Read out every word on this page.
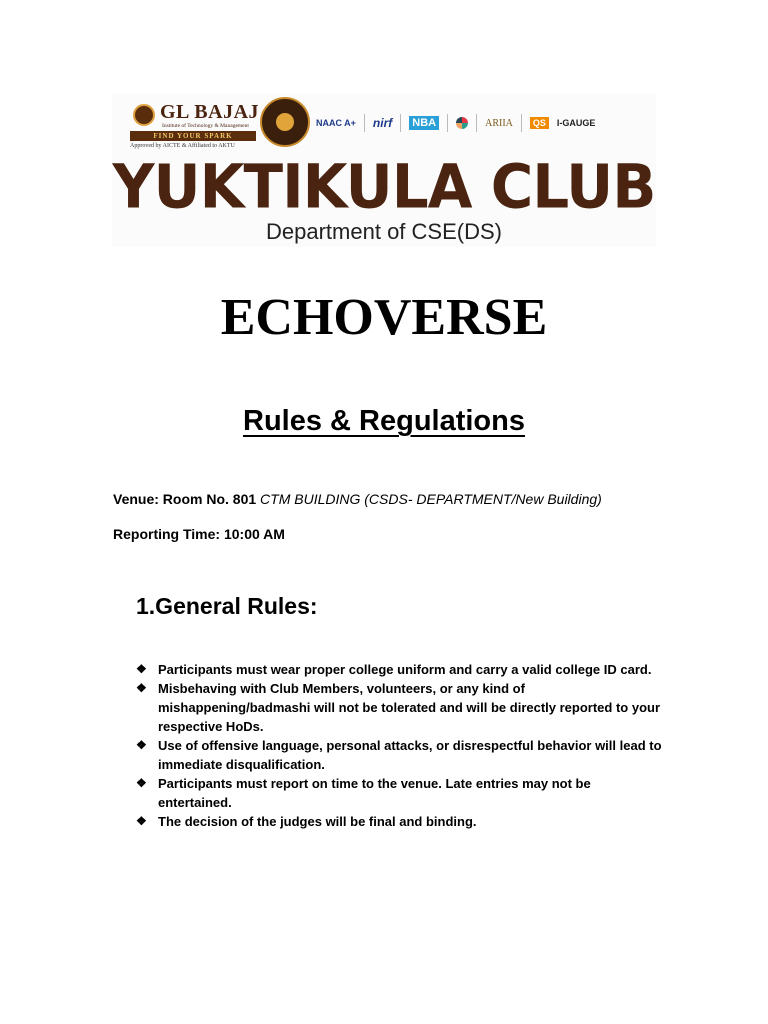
GL BAJAJ
Institute of Technology & Management
FIND YOUR SPARK
Approved by AICTE & Affiliated to AKTU
NAAC A+ nirf NBA	ARIIA	QS	I-GAUGE
YUKTIKULA CLUB
Department of CSE(DS)
ECHOVERSE
Rules & Regulations
Venue: Room No. 801 CTM BUILDING (CSDS- DEPARTMENT/New Building)
Reporting Time: 10:00 AM
1.General Rules:
❖ Participants must wear proper college uniform and carry a valid college ID card.
❖ Misbehaving with Club Members, volunteers, or any kind of mishappening/badmashi will not be tolerated and will be directly reported to your respective HoDs.
❖ Use of offensive language, personal attacks, or disrespectful behavior will lead to immediate disqualification.
❖ Participants must report on time to the venue. Late entries may not be entertained.
❖ The decision of the judges will be final and binding.
